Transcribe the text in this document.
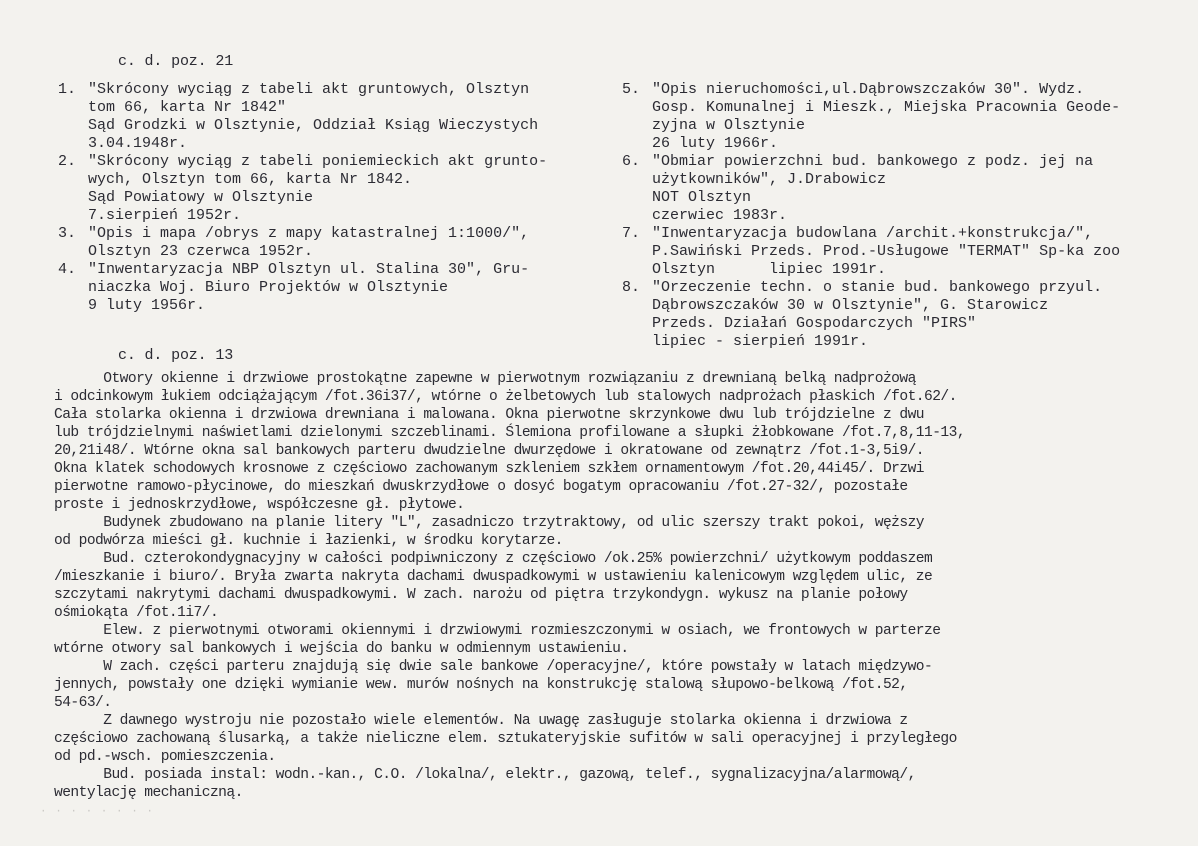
c. d. poz. 21
1. "Skrócony wyciąg z tabeli akt gruntowych, Olsztyn
tom 66, karta Nr 1842"
Sąd Grodzki w Olsztynie, Oddział Ksiąg Wieczystych
3.04.1948r.
2. "Skrócony wyciąg z tabeli poniemieckich akt grunto-
wych, Olsztyn tom 66, karta Nr 1842.
Sąd Powiatowy w Olsztynie
7.sierpień 1952r.
3. "Opis i mapa /obrys z mapy katastralnej 1:1000/",
Olsztyn 23 czerwca 1952r.
4. "Inwentaryzacja NBP Olsztyn ul. Stalina 30", Gru-
niaczka Woj. Biuro Projektów w Olsztynie
9 luty 1956r.
5. "Opis nieruchomości,ul.Dąbrowszczaków 30". Wydz.
Gosp. Komunalnej i Mieszk., Miejska Pracownia Geode-
zyjna w Olsztynie
26 luty 1966r.
6. "Obmiar powierzchni bud. bankowego z podz. jej na
użytkowników", J.Drabowicz
NOT Olsztyn
czerwiec 1983r.
7. "Inwentaryzacja budowlana /archit.+konstrukcja/",
P.Sawiński Przeds. Prod.-Usługowe "TERMAT" Sp-ka zoo
Olsztyn      lipiec 1991r.
8. "Orzeczenie techn. o stanie bud. bankowego przyul.
Dąbrowszczaków 30 w Olsztynie", G. Starowicz
Przeds. Działań Gospodarczych "PIRS"
lipiec - sierpień 1991r.
c. d. poz. 13
Otwory okienne i drzwiowe prostokątne zapewne w pierwotnym rozwiązaniu z drewnianą belką nadprożową
i odcinkowym łukiem odciążającym /fot.36i37/, wtórne o żelbetowych lub stalowych nadprożach płaskich /fot.62/.
Cała stolarka okienna i drzwiowa drewniana i malowana. Okna pierwotne skrzynkowe dwu lub trójdzielne z dwu
lub trójdzielnymi naświetlami dzielonymi szczeblinami. Ślemiona profilowane a słupki żłobkowane /fot.7,8,11-13,
20,21i48/. Wtórne okna sal bankowych parteru dwudzielne dwurzędowe i okratowane od zewnątrz /fot.1-3,5i9/.
Okna klatek schodowych krosnowe z częściowo zachowanym szkleniem szkłem ornamentowym /fot.20,44i45/. Drzwi
pierwotne ramowo-płycinowe, do mieszkań dwuskrzydłowe o dosyć bogatym opracowaniu /fot.27-32/, pozostałe
proste i jednoskrzydłowe, współczesne gł. płytowe.
Budynek zbudowano na planie litery "L", zasadniczo trzytraktowy, od ulic szerszy trakt pokoi, węższy
od podwórza mieści gł. kuchnie i łazienki, w środku korytarze.
Bud. czterokondygnacyjny w całości podpiwniczony z częściowo /ok.25% powierzchni/ użytkowym poddaszem
/mieszkanie i biuro/. Bryła zwarta nakryta dachami dwuspadkowymi w ustawieniu kalenicowym względem ulic, ze
szczytami nakrytymi dachami dwuspadkowymi. W zach. narożu od piętra trzykondygn. wykusz na planie połowy
ośmiokąta /fot.1i7/.
Elew. z pierwotnymi otworami okiennymi i drzwiowymi rozmieszczonymi w osiach, we frontowych w parterze
wtórne otwory sal bankowych i wejścia do banku w odmiennym ustawieniu.
W zach. części parteru znajdują się dwie sale bankowe /operacyjne/, które powstały w latach międzywo-
jennych, powstały one dzięki wymianie wew. murów nośnych na konstrukcję stalową słupowo-belkową /fot.52,
54-63/.
Z dawnego wystroju nie pozostało wiele elementów. Na uwagę zasługuje stolarka okienna i drzwiowa z
częściowo zachowaną ślusarką, a także nieliczne elem. sztukateryjskie sufitów w sali operacyjnej i przyległego
od pd.-wsch. pomieszczenia.
Bud. posiada instal: wodn.-kan., C.O. /lokalna/, elektr., gazową, telef., sygnalizacyjna/alarmową/,
wentylację mechaniczną.
· · · · · · · ·
